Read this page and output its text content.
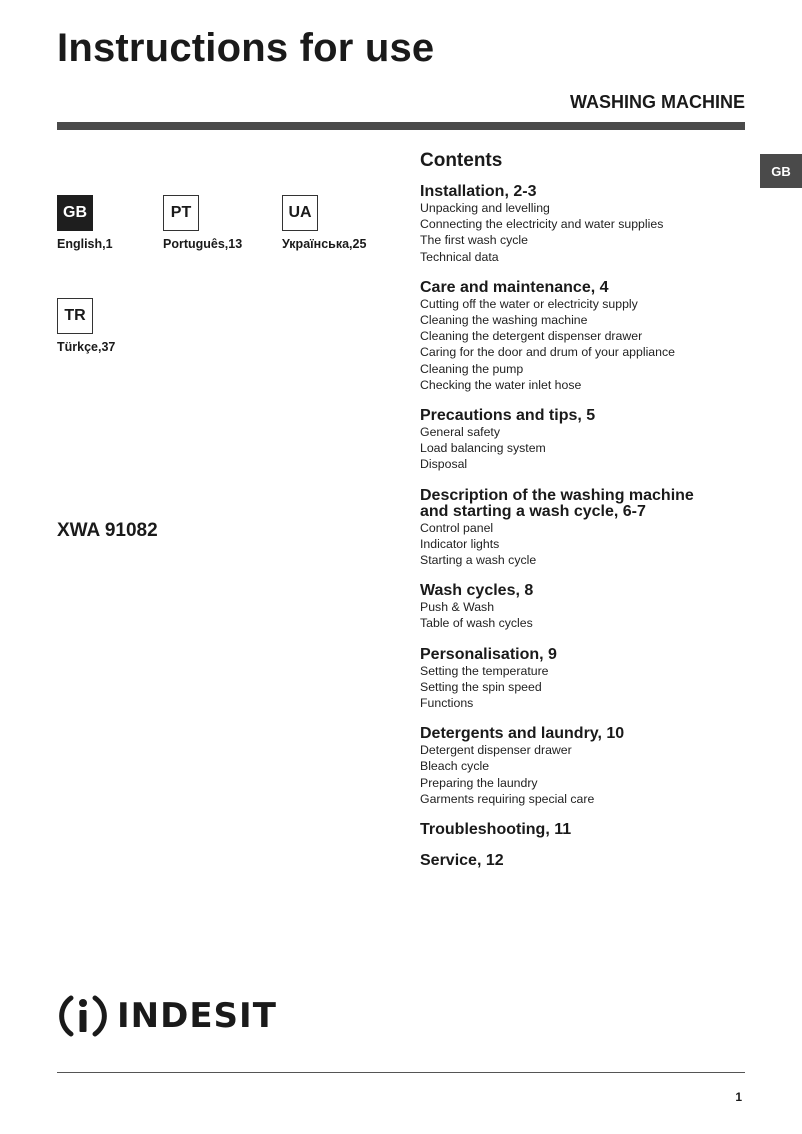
Instructions for use
WASHING MACHINE
GB
GB
English,1
PT
Português,13
UA
Українська,25
TR
Türkçe,37
XWA 91082
Contents
Installation, 2-3
Unpacking and levelling
Connecting the electricity and water supplies
The first wash cycle
Technical data
Care and maintenance, 4
Cutting off the water or electricity supply
Cleaning the washing machine
Cleaning the detergent dispenser drawer
Caring for the door and drum of your appliance
Cleaning the pump
Checking the water inlet hose
Precautions and tips, 5
General safety
Load balancing system
Disposal
Description of the washing machine
and starting a wash cycle, 6-7
Control panel
Indicator lights
Starting a wash cycle
Wash cycles, 8
Push & Wash
Table of wash cycles
Personalisation, 9
Setting the temperature
Setting the spin speed
Functions
Detergents and laundry, 10
Detergent dispenser drawer
Bleach cycle
Preparing the laundry
Garments requiring special care
Troubleshooting, 11
Service, 12
INDESIT
1
